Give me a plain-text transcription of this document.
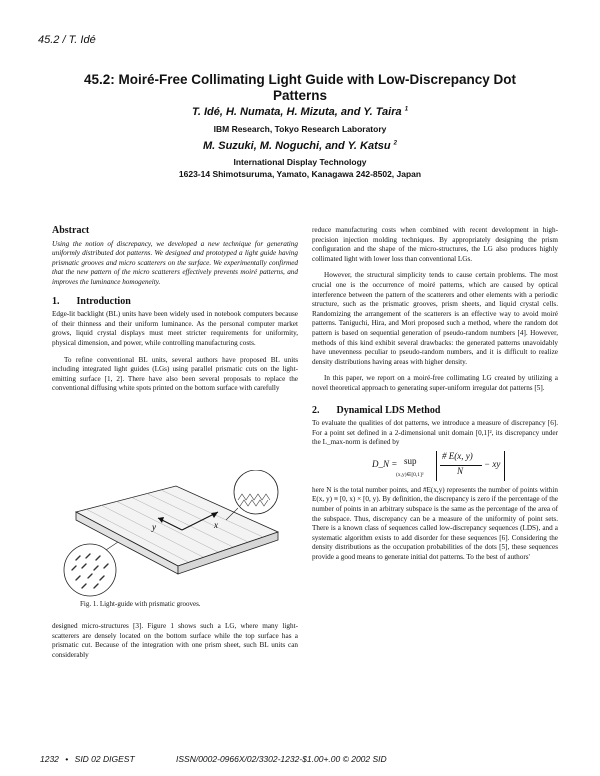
45.2 / T. Idé
45.2: Moiré-Free Collimating Light Guide with Low-Discrepancy Dot
Patterns
T. Idé, H. Numata, H. Mizuta, and Y. Taira $^1$
IBM Research, Tokyo Research Laboratory
M. Suzuki, M. Noguchi, and Y. Katsu $^2$
International Display Technology
1623-14 Shimotsuruma, Yamato, Kanagawa 242-8502, Japan
Abstract

Using the notion of discrepancy, we developed a new technique for generating uniformly distributed dot patterns. We designed and prototyped a light guide having prismatic grooves and micro scatterers on the surface. We experimentally confirmed that the new pattern of the micro scatterers effectively prevents moiré patterns, and improves the luminance homogeneity.

1. Introduction

Edge-lit backlight (BL) units have been widely used in notebook computers because of their thinness and their uniform luminance. As the personal computer market grows, liquid crystal displays must meet stricter requirements for uniformity, physical dimension, and power, while controlling manufacturing costs.

To refine conventional BL units, several authors have proposed BL units including integrated light guides (LGs) using parallel prismatic cuts on the light-emitting surface [1, 2]. There have also been several proposals to replace the conventional diffusing white spots printed on the bottom surface with carefully

x
y
Fig. 1. Light-guide with prismatic grooves.

designed micro-structures [3]. Figure 1 shows such a LG, where many light-scatterers are densely located on the bottom surface while the top surface has a prismatic cut. Because of the integration with one prism sheet, such BL units can considerably

reduce manufacturing costs when combined with recent development in high-precision injection molding techniques. By appropriately designing the prism configuration and the shape of the micro-structures, the LG also produces highly collimated light with lower loss than conventional LGs.

However, the structural simplicity tends to cause certain problems. The most crucial one is the occurrence of moiré patterns, which are caused by optical interference between the pattern of the scatterers and other elements with a periodic structure, such as the prismatic grooves, prism sheets, and liquid crystal cells. Randomizing the arrangement of the scatterers is an effective way to avoid moiré patterns. Taniguchi, Hira, and Mori proposed such a method, where the random dot pattern is based on sequential generation of pseudo-random numbers [4]. However, methods of this kind exhibit several drawbacks: the generated patterns unavoidably have unevenness peculiar to pseudo-random numbers, and it is difficult to realize density distributions having areas with higher density.

In this paper, we report on a moiré-free collimating LG created by utilizing a novel theoretical approach to generating super-uniform irregular dot patterns [5].

2. Dynamical LDS Method

To evaluate the qualities of dot patterns, we introduce a measure of discrepancy [6]. For a point set defined in a 2-dimensional unit domain [0,1]², its discrepancy under the L_max-norm is defined by

D_N = sup
(x,y)∈[0,1]²
# E(x, y)
N
− xy

here N is the total number points, and #E(x,y) represents the number of points within E(x, y) ≡ [0, x) × [0, y). By definition, the discrepancy is zero if the percentage of the number of points in an arbitrary subspace is the same as the percentage of the area of the subspace. Thus, discrepancy can be a measure of the uniformity of point sets. There is a known class of sequences called low-discrepancy sequences (LDS), and a systematic algorithm exists to add disorder for these sequences [6]. Considering the density distributions as the occupation probabilities of the dots [5], these sequences provide a good means to generate initial dot patterns. To the best of authors'

1232 • SID 02 DIGEST	ISSN/0002-0966X/02/3302-1232-$1.00+.00 © 2002 SID
